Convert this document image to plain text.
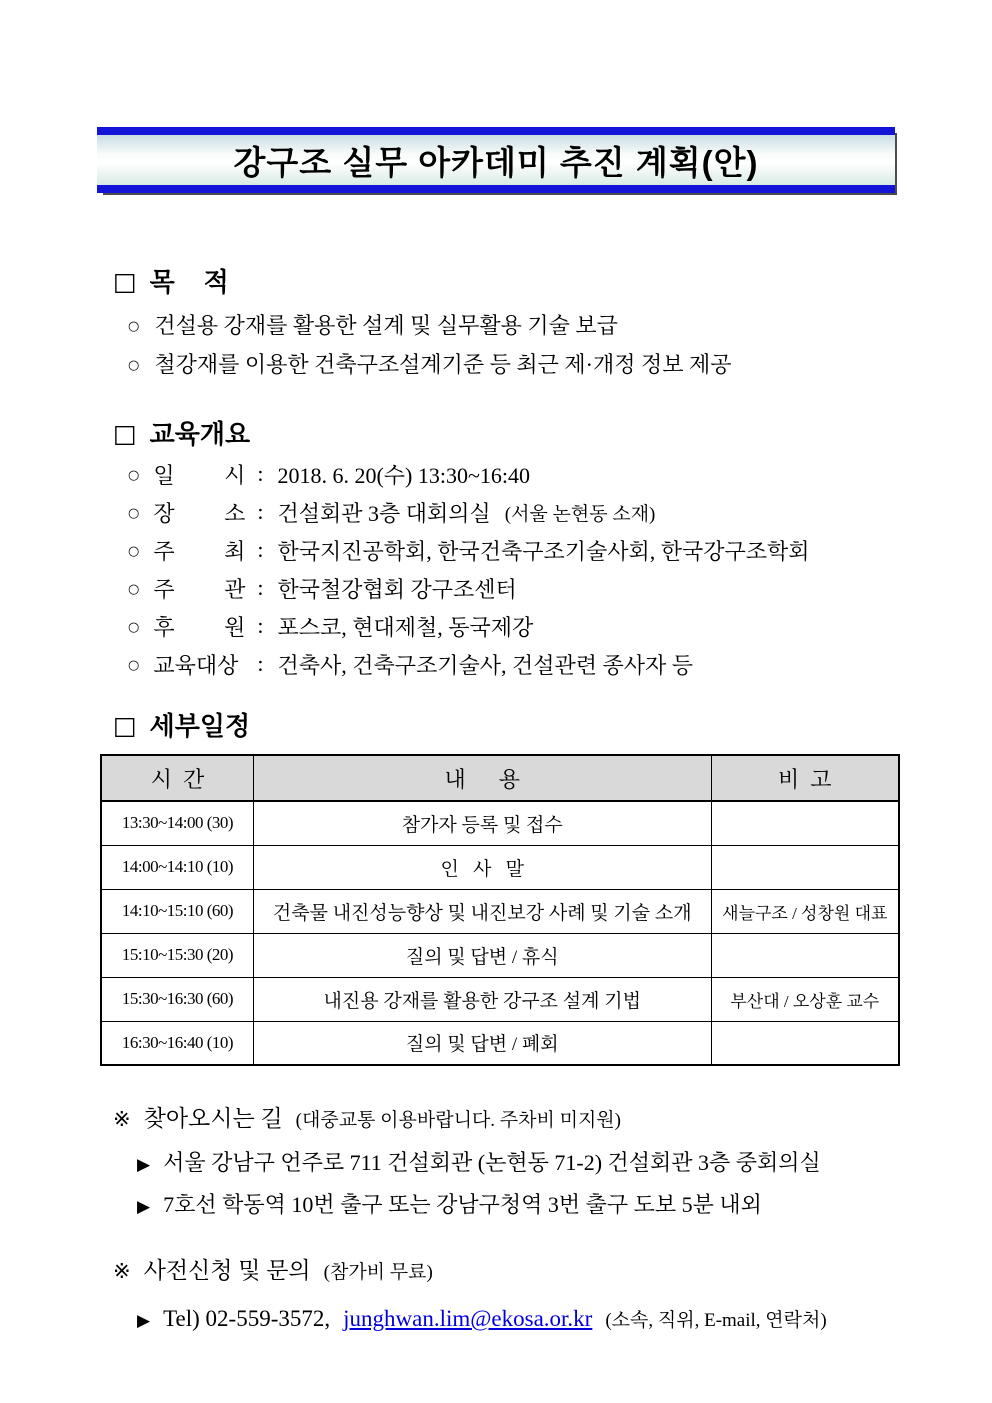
강구조 실무 아카데미 추진 계획(안)
□ 목    적
○ 건설용 강재를 활용한 설계 및 실무활용 기술 보급
○ 철강재를 이용한 건축구조설계기준 등 최근 제·개정 정보 제공
□ 교육개요
○ 일 시 : 2018. 6. 20(수) 13:30~16:40
○ 장 소 : 건설회관 3층 대회의실 (서울 논현동 소재)
○ 주 최 : 한국지진공학회, 한국건축구조기술사회, 한국강구조학회
○ 주 관 : 한국철강협회 강구조센터
○ 후 원 : 포스코, 현대제철, 동국제강
○ 교육대상 : 건축사, 건축구조기술사, 건설관련 종사자 등
□ 세부일정
시  간	내      용	비  고
13:30~14:00 (30)	참가자 등록 및 접수	
14:00~14:10 (10)	인   사   말	
14:10~15:10 (60)	건축물 내진성능향상 및 내진보강 사례 및 기술 소개	새늘구조 / 성창원 대표
15:10~15:30 (20)	질의 및 답변 / 휴식	
15:30~16:30 (60)	내진용 강재를 활용한 강구조 설계 기법	부산대 / 오상훈 교수
16:30~16:40 (10)	질의 및 답변 / 폐회	
※ 찾아오시는 길 (대중교통 이용바랍니다. 주차비 미지원)
▶ 서울 강남구 언주로 711 건설회관 (논현동 71-2) 건설회관 3층 중회의실
▶ 7호선 학동역 10번 출구 또는 강남구청역 3번 출구 도보 5분 내외
※ 사전신청 및 문의 (참가비 무료)
▶ Tel) 02-559-3572, junghwan.lim@ekosa.or.kr (소속, 직위, E-mail, 연락처)
